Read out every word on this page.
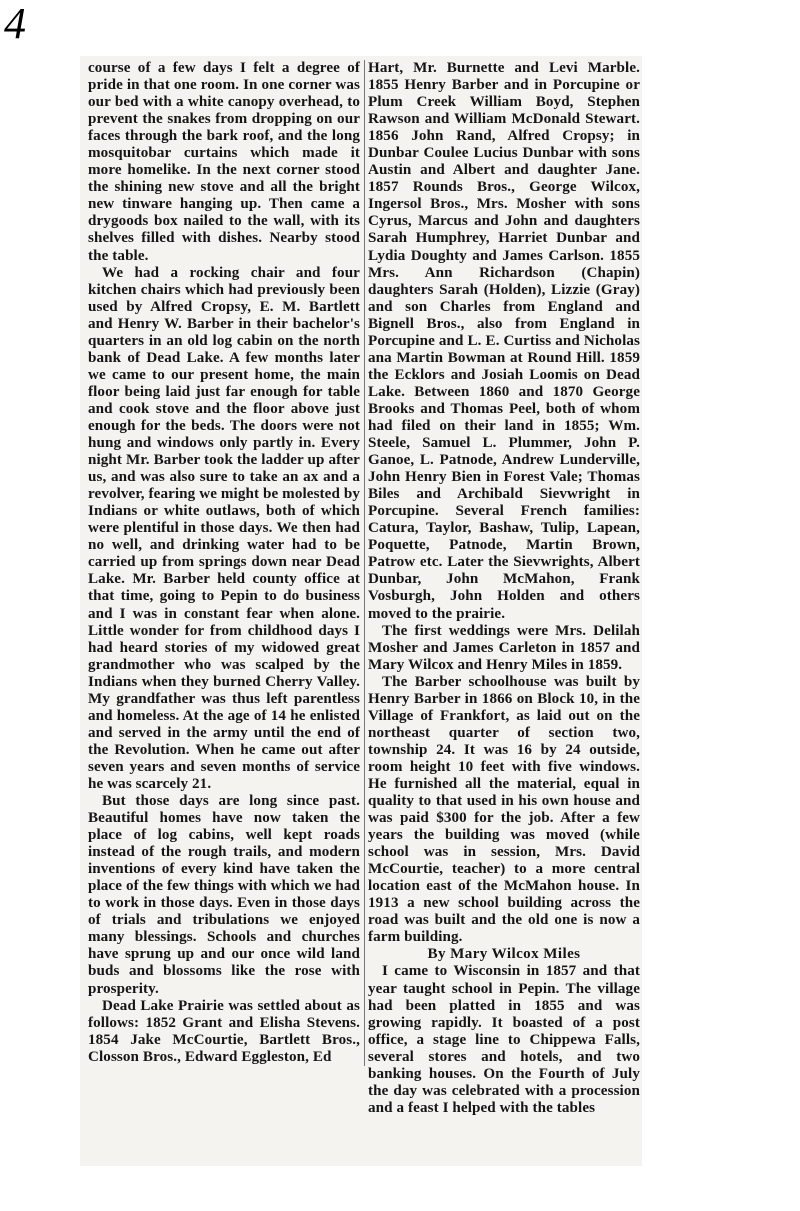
4

course of a few days I felt a degree of pride in that one room. In one corner was our bed with a white canopy overhead, to prevent the snakes from dropping on our faces through the bark roof, and the long mosquitobar curtains which made it more homelike. In the next corner stood the shining new stove and all the bright new tinware hanging up. Then came a drygoods box nailed to the wall, with its shelves filled with dishes. Nearby stood the table.

We had a rocking chair and four kitchen chairs which had previously been used by Alfred Cropsy, E. M. Bartlett and Henry W. Barber in their bachelor's quarters in an old log cabin on the north bank of Dead Lake. A few months later we came to our present home, the main floor being laid just far enough for table and cook stove and the floor above just enough for the beds. The doors were not hung and windows only partly in. Every night Mr. Barber took the ladder up after us, and was also sure to take an ax and a revolver, fearing we might be molested by Indians or white outlaws, both of which were plentiful in those days. We then had no well, and drinking water had to be carried up from springs down near Dead Lake. Mr. Barber held county office at that time, going to Pepin to do business and I was in constant fear when alone. Little wonder for from childhood days I had heard stories of my widowed great grandmother who was scalped by the Indians when they burned Cherry Valley. My grandfather was thus left parentless and homeless. At the age of 14 he enlisted and served in the army until the end of the Revolution. When he came out after seven years and seven months of service he was scarcely 21.

But those days are long since past. Beautiful homes have now taken the place of log cabins, well kept roads instead of the rough trails, and modern inventions of every kind have taken the place of the few things with which we had to work in those days. Even in those days of trials and tribulations we enjoyed many blessings. Schools and churches have sprung up and our once wild land buds and blossoms like the rose with prosperity.

Dead Lake Prairie was settled about as follows: 1852 Grant and Elisha Stevens. 1854 Jake McCourtie, Bartlett Bros., Closson Bros., Edward Eggleston, Ed

Hart, Mr. Burnette and Levi Marble. 1855 Henry Barber and in Porcupine or Plum Creek William Boyd, Stephen Rawson and William McDonald Stewart. 1856 John Rand, Alfred Cropsy; in Dunbar Coulee Lucius Dunbar with sons Austin and Albert and daughter Jane. 1857 Rounds Bros., George Wilcox, Ingersol Bros., Mrs. Mosher with sons Cyrus, Marcus and John and daughters Sarah Humphrey, Harriet Dunbar and Lydia Doughty and James Carlson. 1855 Mrs. Ann Richardson (Chapin) daughters Sarah (Holden), Lizzie (Gray) and son Charles from England and Bignell Bros., also from England in Porcupine and L. E. Curtiss and Nicholas ana Martin Bowman at Round Hill. 1859 the Ecklors and Josiah Loomis on Dead Lake. Between 1860 and 1870 George Brooks and Thomas Peel, both of whom had filed on their land in 1855; Wm. Steele, Samuel L. Plummer, John P. Ganoe, L. Patnode, Andrew Lunderville, John Henry Bien in Forest Vale; Thomas Biles and Archibald Sievwright in Porcupine. Several French families: Catura, Taylor, Bashaw, Tulip, Lapean, Poquette, Patnode, Martin Brown, Patrow etc. Later the Sievwrights, Albert Dunbar, John McMahon, Frank Vosburgh, John Holden and others moved to the prairie.

The first weddings were Mrs. Delilah Mosher and James Carleton in 1857 and Mary Wilcox and Henry Miles in 1859.

The Barber schoolhouse was built by Henry Barber in 1866 on Block 10, in the Village of Frankfort, as laid out on the northeast quarter of section two, township 24. It was 16 by 24 outside, room height 10 feet with five windows. He furnished all the material, equal in quality to that used in his own house and was paid $300 for the job. After a few years the building was moved (while school was in session, Mrs. David McCourtie, teacher) to a more central location east of the McMahon house. In 1913 a new school building across the road was built and the old one is now a farm building.

By Mary Wilcox Miles

I came to Wisconsin in 1857 and that year taught school in Pepin. The village had been platted in 1855 and was growing rapidly. It boasted of a post office, a stage line to Chippewa Falls, several stores and hotels, and two banking houses. On the Fourth of July the day was celebrated with a procession and a feast I helped with the tables
